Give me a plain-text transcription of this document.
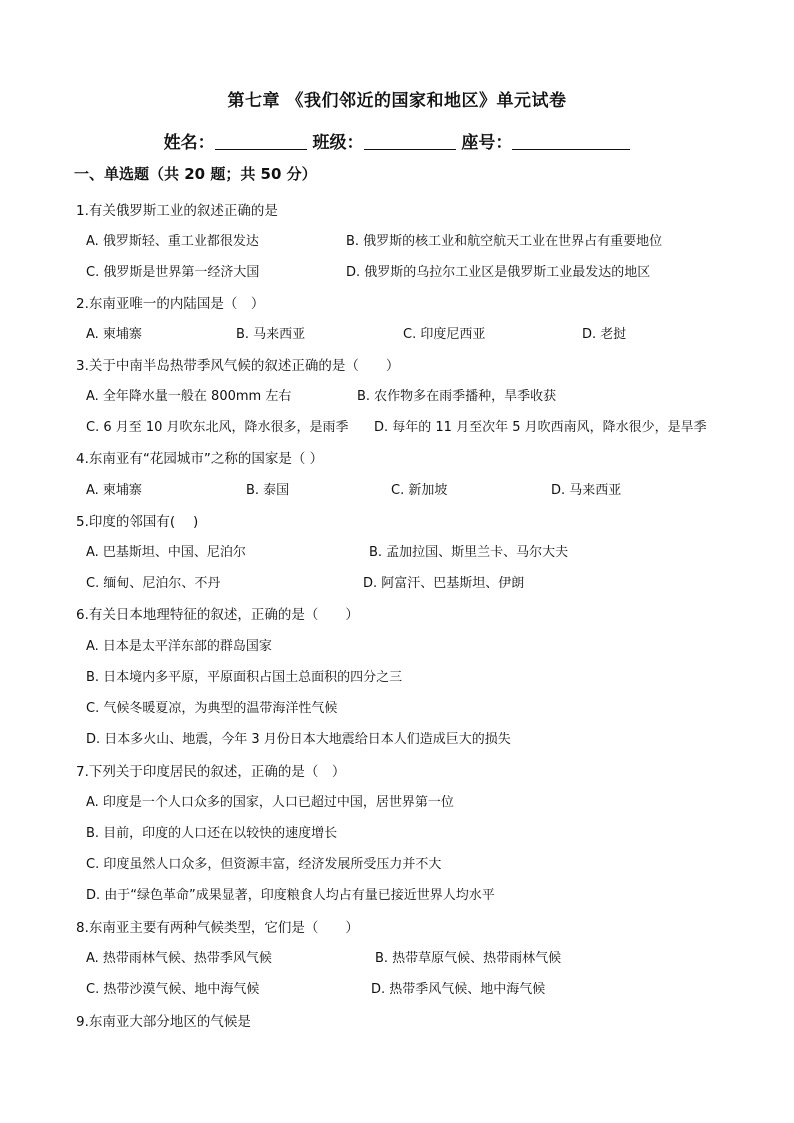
第七章 《我们邻近的国家和地区》单元试卷
姓名：	班级：	座号：
一、单选题（共 20 题；共 50 分）
1.有关俄罗斯工业的叙述正确的是
A. 俄罗斯轻、重工业都很发达	B. 俄罗斯的核工业和航空航天工业在世界占有重要地位
C. 俄罗斯是世界第一经济大国	D. 俄罗斯的乌拉尔工业区是俄罗斯工业最发达的地区
2.东南亚唯一的内陆国是（　）
A. 柬埔寨	B. 马来西亚	C. 印度尼西亚	D. 老挝
3.关于中南半岛热带季风气候的叙述正确的是（　　）
A. 全年降水量一般在 800mm 左右	B. 农作物多在雨季播种，旱季收获
C. 6 月至 10 月吹东北风，降水很多，是雨季 D. 每年的 11 月至次年 5 月吹西南风，降水很少，是旱季
4.东南亚有“花园城市”之称的国家是（ ）
A. 柬埔寨	B. 泰国	C. 新加坡	D. 马来西亚
5.印度的邻国有(　 )
A. 巴基斯坦、中国、尼泊尔	B. 孟加拉国、斯里兰卡、马尔大夫
C. 缅甸、尼泊尔、不丹	D. 阿富汗、巴基斯坦、伊朗
6.有关日本地理特征的叙述，正确的是（　　）
A. 日本是太平洋东部的群岛国家
B. 日本境内多平原，平原面积占国土总面积的四分之三
C. 气候冬暖夏凉，为典型的温带海洋性气候
D. 日本多火山、地震，今年 3 月份日本大地震给日本人们造成巨大的损失
7.下列关于印度居民的叙述，正确的是（　）
A. 印度是一个人口众多的国家，人口已超过中国，居世界第一位
B. 目前，印度的人口还在以较快的速度增长
C. 印度虽然人口众多，但资源丰富，经济发展所受压力并不大
D. 由于“绿色革命”成果显著，印度粮食人均占有量已接近世界人均水平
8.东南亚主要有两种气候类型，它们是（　　）
A. 热带雨林气候、热带季风气候	B. 热带草原气候、热带雨林气候
C. 热带沙漠气候、地中海气候	D. 热带季风气候、地中海气候
9.东南亚大部分地区的气候是
